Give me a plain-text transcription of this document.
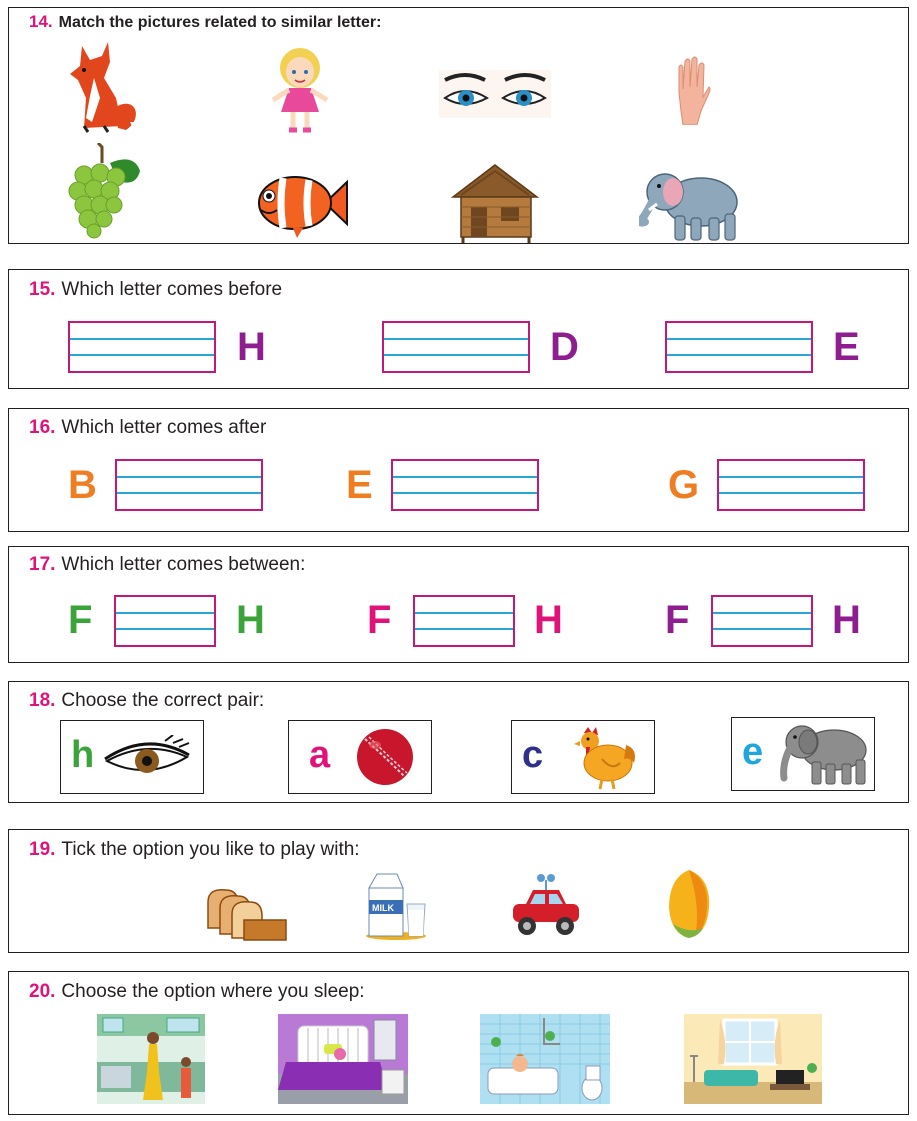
14. Match the pictures related to similar letter:
15. Which letter comes before
H	D	E
16. Which letter comes after
B	E	G
17. Which letter comes between:
F	H	F	H	F	H
18. Choose the correct pair:
h	a	c	e
19. Tick the option you like to play with:
MILK
20. Choose the option where you sleep:
